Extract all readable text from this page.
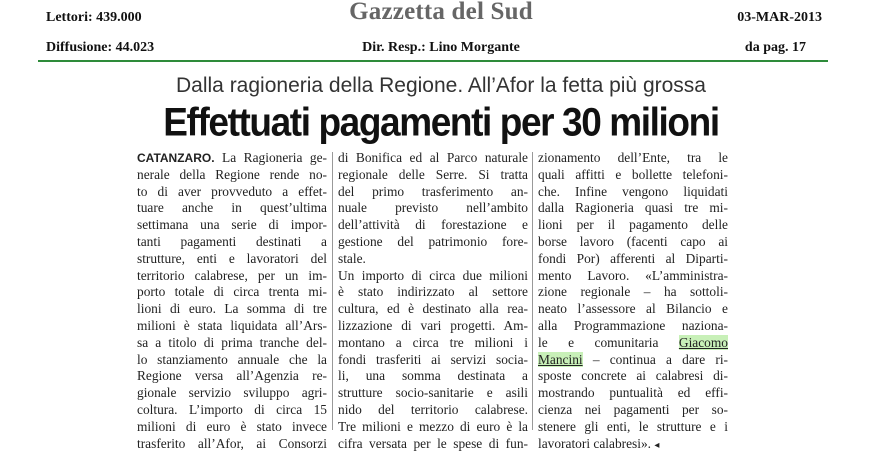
Lettori: 439.000
Diffusione: 44.023
Gazzetta del Sud
Dir. Resp.: Lino Morgante
03-MAR-2013
da pag. 17
Dalla ragioneria della Regione. All’Afor la fetta più grossa
Effettuati pagamenti per 30 milioni
CATANZARO. La Ragioneria ge-
nerale della Regione rende no-
to di aver provveduto a effet-
tuare anche in quest’ultima
settimana una serie di impor-
tanti pagamenti destinati a
strutture, enti e lavoratori del
territorio calabrese, per un im-
porto totale di circa trenta mi-
lioni di euro. La somma di tre
milioni è stata liquidata all’Ars-
sa a titolo di prima tranche del-
lo stanziamento annuale che la
Regione versa all’Agenzia re-
gionale servizio sviluppo agri-
coltura. L’importo di circa 15
milioni di euro è stato invece
trasferito all’Afor, ai Consorzi
di Bonifica ed al Parco naturale
regionale delle Serre. Si tratta
del primo trasferimento an-
nuale previsto nell’ambito
dell’attività di forestazione e
gestione del patrimonio fore-
stale.
Un importo di circa due milioni
è stato indirizzato al settore
cultura, ed è destinato alla rea-
lizzazione di vari progetti. Am-
montano a circa tre milioni i
fondi trasferiti ai servizi socia-
li, una somma destinata a
strutture socio-sanitarie e asili
nido del territorio calabrese.
Tre milioni e mezzo di euro è la
cifra versata per le spese di fun-
zionamento dell’Ente, tra le
quali affitti e bollette telefoni-
che. Infine vengono liquidati
dalla Ragioneria quasi tre mi-
lioni per il pagamento delle
borse lavoro (facenti capo ai
fondi Por) afferenti al Diparti-
mento Lavoro. «L’amministra-
zione regionale – ha sottoli-
neato l’assessore al Bilancio e
alla Programmazione naziona-
le e comunitaria Giacomo
Mancini – continua a dare ri-
sposte concrete ai calabresi di-
mostrando puntualità ed effi-
cienza nei pagamenti per so-
stenere gli enti, le strutture e i
lavoratori calabresi». ◂
